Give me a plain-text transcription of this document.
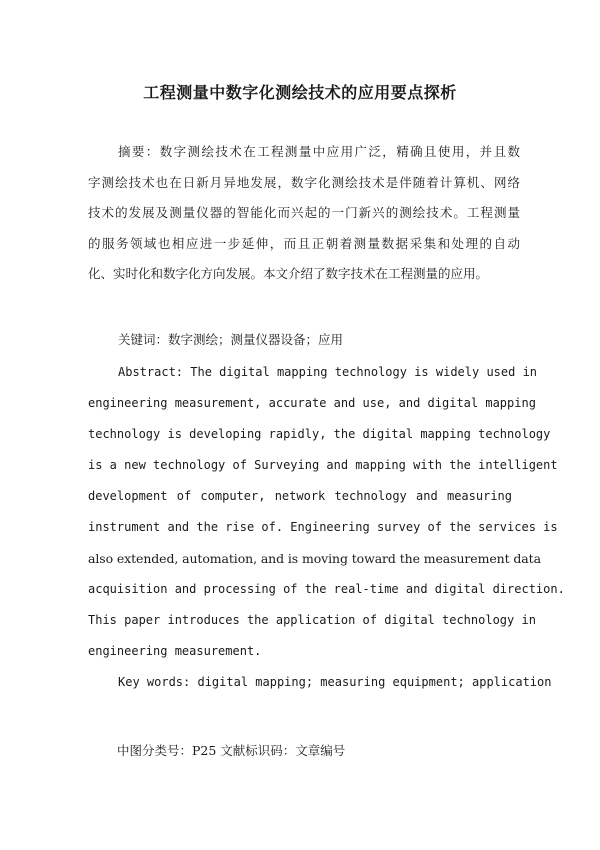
工程测量中数字化测绘技术的应用要点探析
摘要：数字测绘技术在工程测量中应用广泛，精确且使用，并且数
字测绘技术也在日新月异地发展，数字化测绘技术是伴随着计算机、网络
技术的发展及测量仪器的智能化而兴起的一门新兴的测绘技术。工程测量
的服务领域也相应进一步延伸，而且正朝着测量数据采集和处理的自动
化、实时化和数字化方向发展。本文介绍了数字技术在工程测量的应用。
关键词：数字测绘；测量仪器设备；应用
Abstract: The digital mapping technology is widely used in
engineering measurement, accurate and use, and digital mapping
technology is developing rapidly, the digital mapping technology
is a new technology of Surveying and mapping with the intelligent
development of computer, network technology and measuring
instrument and the rise of. Engineering survey of the services is
also extended, automation, and is moving toward the measurement data
acquisition and processing of the real-time and digital direction.
This paper introduces the application of digital technology in
engineering measurement.
Key words: digital mapping; measuring equipment; application
中图分类号：P25 文献标识码：文章编号
